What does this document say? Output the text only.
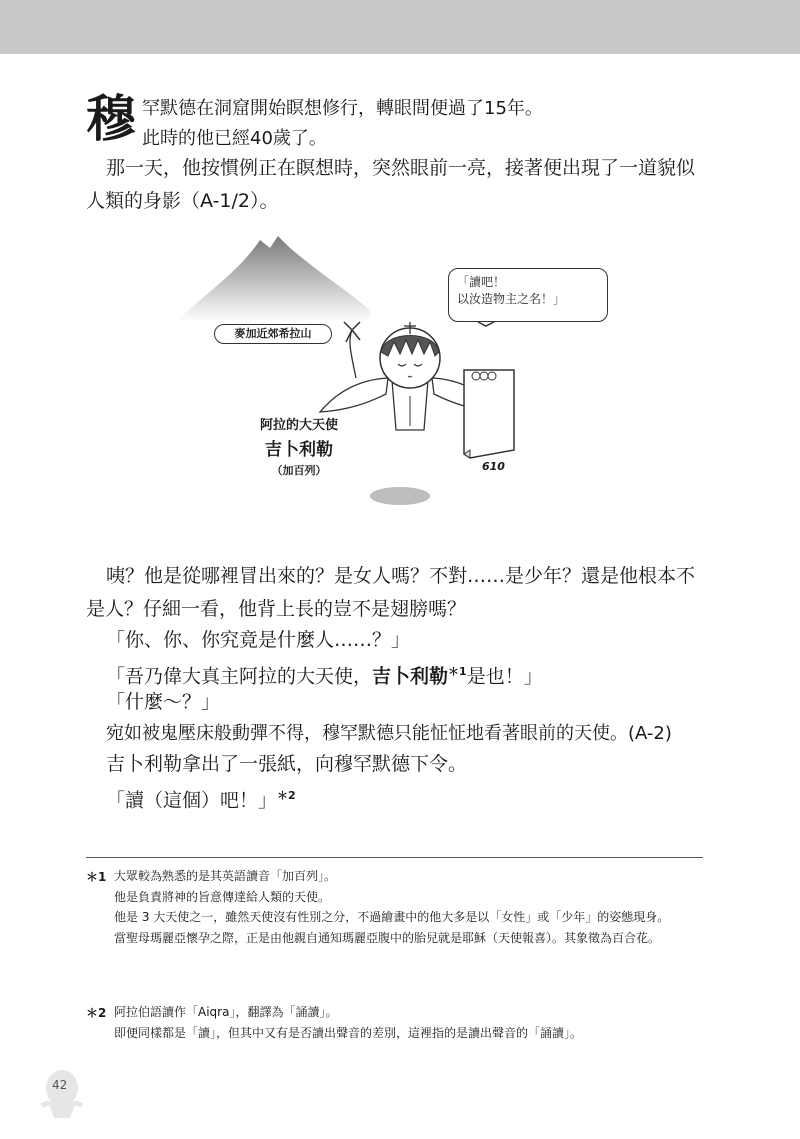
穆 罕默德在洞窟開始瞑想修行，轉眼間便過了15年。
此時的他已經40歲了。
那一天，他按慣例正在瞑想時，突然眼前一亮，接著便出現了一道貌似人類的身影（A-1/2）。
麥加近郊希拉山
「讀吧！
以汝造物主之名！」
阿拉的大天使
吉卜利勒
（加百列）	610
咦？他是從哪裡冒出來的？是女人嗎？不對……是少年？還是他根本不是人？仔細一看，他背上長的豈不是翅膀嗎？
「你、你、你究竟是什麼人……？」
「吾乃偉大真主阿拉的大天使，吉卜利勒$^{*1}$是也！」
「什麼～？」
宛如被鬼壓床般動彈不得，穆罕默德只能怔怔地看著眼前的天使。(A-2)
吉卜利勒拿出了一張紙，向穆罕默德下令。
「讀（這個）吧！」$^{*2}$
＊1 大眾較為熟悉的是其英語讀音「加百列」。

他是負責將神的旨意傳達給人類的天使。

他是 3 大天使之一，雖然天使沒有性別之分，不過繪畫中的他大多是以「女性」或「少年」的姿態現身。

當聖母瑪麗亞懷孕之際，正是由他親自通知瑪麗亞腹中的胎兒就是耶穌（天使報喜）。其象徵為百合花。

＊2 阿拉伯語讀作「Aiqra」，翻譯為「誦讀」。

即便同樣都是「讀」，但其中又有是否讀出聲音的差別，這裡指的是讀出聲音的「誦讀」。

42
